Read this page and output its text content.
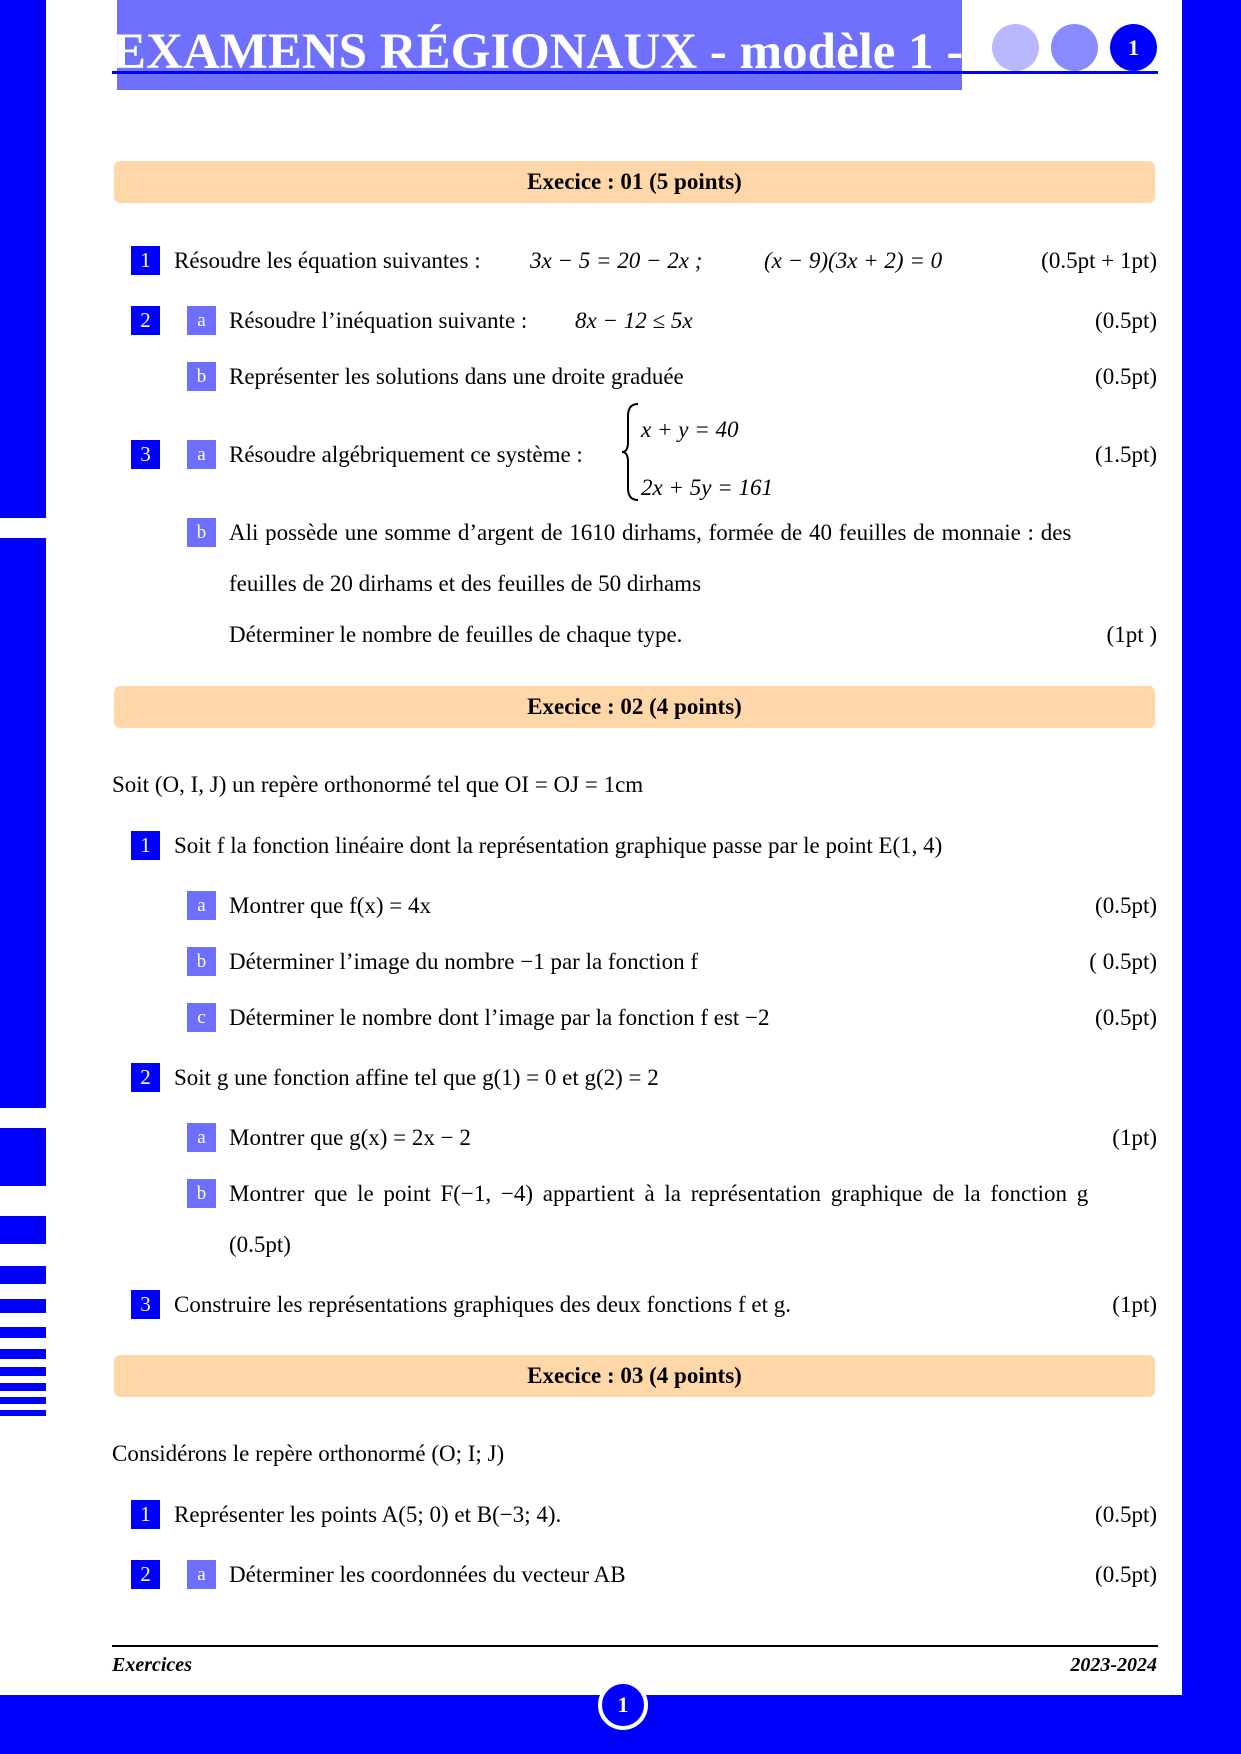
EXAMENS RÉGIONAUX - modèle 1 -	1
Execice : 01 (5 points)
1	Résoudre les équation suivantes : 3x − 5 = 20 − 2x ;	(x − 9)(3x + 2) = 0	(0.5pt + 1pt)
2	a	Résoudre l’inéquation suivante : 8x − 12 ≤ 5x	(0.5pt)
b Représenter les solutions dans une droite graduée	(0.5pt)
x + y = 40
2x + 5y = 161
3	a	Résoudre algébriquement ce système :	(1.5pt)
b Ali possède une somme d’argent de 1610 dirhams, formée de 40 feuilles de monnaie : des
feuilles de 20 dirhams et des feuilles de 50 dirhams
Déterminer le nombre de feuilles de chaque type.	(1pt )
Execice : 02 (4 points)
Soit (O, I, J) un repère orthonormé tel que OI = OJ = 1cm
1	Soit f la fonction linéaire dont la représentation graphique passe par le point E(1, 4)
a	Montrer que f(x) = 4x	(0.5pt)
b Déterminer l’image du nombre −1 par la fonction f	( 0.5pt)
c	Déterminer le nombre dont l’image par la fonction f est −2	(0.5pt)
2	Soit g une fonction affine tel que g(1) = 0 et g(2) = 2
a	Montrer que g(x) = 2x − 2	(1pt)
b Montrer que le point F(−1, −4) appartient à la représentation graphique de la fonction g
(0.5pt)
3	Construire les représentations graphiques des deux fonctions f et g.	(1pt)
Execice : 03 (4 points)
Considérons le repère orthonormé (O; I; J)
1	Représenter les points A(5; 0) et B(−3; 4).	(0.5pt)
2	a	Déterminer les coordonnées du vecteur AB	(0.5pt)
Exercices	2023-2024
1
